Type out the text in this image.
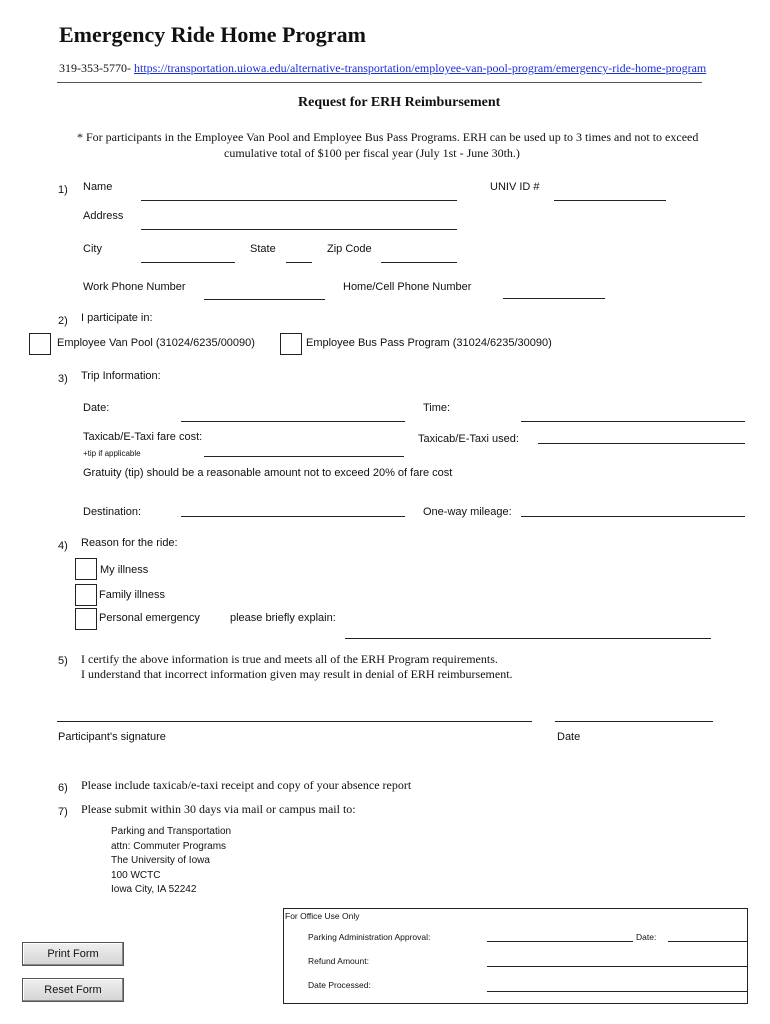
Emergency Ride Home Program
319-353-5770- https://transportation.uiowa.edu/alternative-transportation/employee-van-pool-program/emergency-ride-home-program
Request for ERH Reimbursement
* For participants in the Employee Van Pool and Employee Bus Pass Programs. ERH can be used up to 3 times and not to exceed
cumulative total of $100 per fiscal year (July 1st - June 30th.)
1) Name	UNIV ID #
Address
City	State	Zip Code
Work Phone Number	Home/Cell Phone Number
2) I participate in:
Employee Van Pool (31024/6235/00090)	Employee Bus Pass Program (31024/6235/30090)
3) Trip Information:
Date:	Time:
Taxicab/E-Taxi fare cost:
+tip if applicable
Taxicab/E-Taxi used:
Gratuity (tip) should be a reasonable amount not to exceed 20% of fare cost
Destination:	One-way mileage:
4) Reason for the ride:
My illness
Family illness
Personal emergency	please briefly explain:
5) I certify the above information is true and meets all of the ERH Program requirements.
I understand that incorrect information given may result in denial of ERH reimbursement.
Participant's signature	Date
6) Please include taxicab/e-taxi receipt and copy of your absence report
7) Please submit within 30 days via mail or campus mail to:
Parking and Transportation
attn: Commuter Programs
The University of Iowa
100 WCTC
Iowa City, IA 52242
For Office Use Only
Parking Administration Approval:	Date:
Refund Amount:
Date Processed:
Print Form
Reset Form
